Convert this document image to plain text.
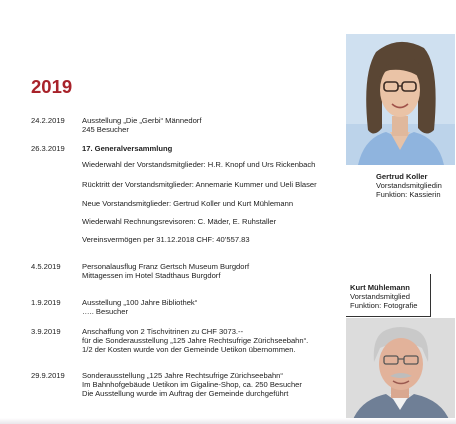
2019
24.2.2019 Ausstellung „Die „Gerbi“ Männedorf
245 Besucher
26.3.2019 17. Generalversammlung
Wiederwahl der Vorstandsmitglieder: H.R. Knopf und Urs Rickenbach
Rücktritt der Vorstandsmitglieder: Annemarie Kummer und Ueli Blaser
Neue Vorstandsmitglieder: Gertrud Koller und Kurt Mühlemann
Wiederwahl Rechnungsrevisoren: C. Mäder, E. Ruhstaller
Vereinsvermögen per 31.12.2018 CHF: 40’557.83
4.5.2019	Personalausflug Franz Gertsch Museum Burgdorf
Mittagessen im Hotel Stadthaus Burgdorf
1.9.2019	Ausstellung „100 Jahre Bibliothek“
….. Besucher
3.9.2019	Anschaffung von 2 Tischvitrinen zu CHF 3073.--
für die Sonderausstellung „125 Jahre Rechtsufrige Zürichseebahn“.
1/2 der Kosten wurde von der Gemeinde Uetikon übernommen.
29.9.2019 Sonderausstellung „125 Jahre Rechtsufrige Zürichseebahn“
Im Bahnhofgebäude Uetikon im Gigaline-Shop, ca. 250 Besucher
Die Ausstellung wurde im Auftrag der Gemeinde durchgeführt
Gertrud Koller
Vorstandsmitgliedin
Funktion: Kassierin
Kurt Mühlemann
Vorstandsmitglied
Funktion: Fotografie
